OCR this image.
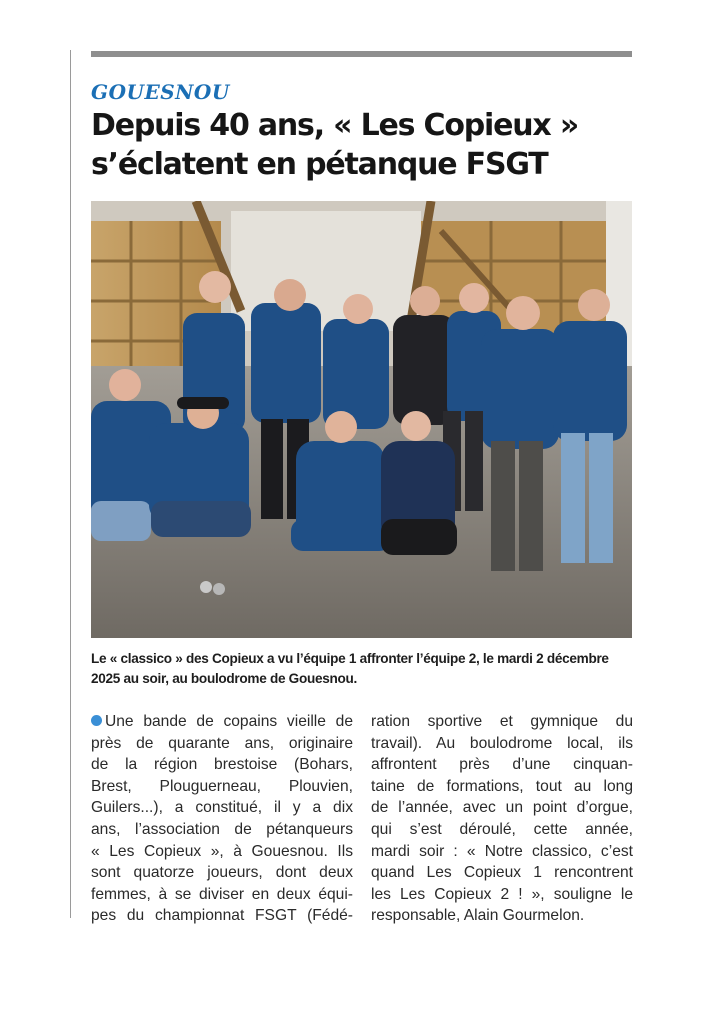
GOUESNOU
Depuis 40 ans, « Les Copieux »
s’éclatent en pétanque FSGT
Le « classico » des Copieux a vu l’équipe 1 affronter l’équipe 2, le mardi 2 décembre
2025 au soir, au boulodrome de Gouesnou.
Une bande de copains vieille de
près de quarante ans, originaire
de la région brestoise (Bohars,
Brest, Plouguerneau, Plouvien,
Guilers...), a constitué, il y a dix
ans, l’association de pétanqueurs
« Les Copieux », à Gouesnou. Ils
sont quatorze joueurs, dont deux
femmes, à se diviser en deux équi-
pes du championnat FSGT (Fédé-
ration sportive et gymnique du
travail). Au boulodrome local, ils
affrontent près d’une cinquan-
taine de formations, tout au long
de l’année, avec un point d’orgue,
qui s’est déroulé, cette année,
mardi soir : « Notre classico, c’est
quand Les Copieux 1 rencontrent
les Les Copieux 2 ! », souligne le
responsable, Alain Gourmelon.
